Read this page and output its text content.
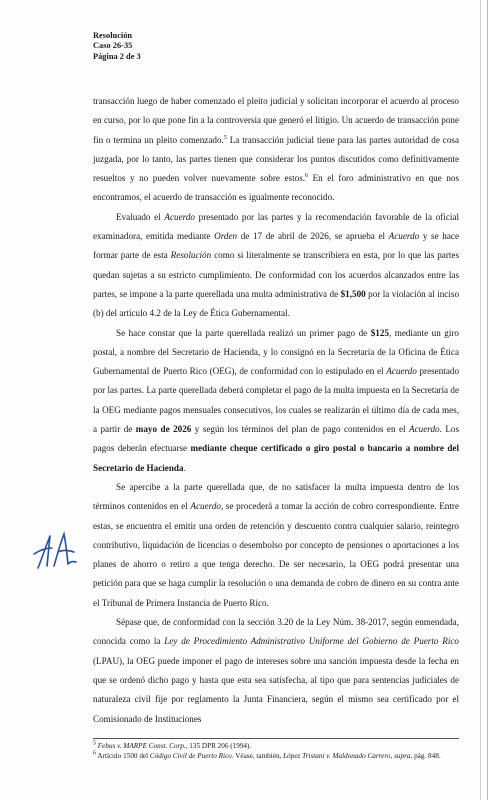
Resolución
Caso 26-35
Página 2 de 3

transacción luego de haber comenzado el pleito judicial y solicitan incorporar el acuerdo al proceso en curso, por lo que pone fin a la controversia que generó el litigio. Un acuerdo de transacción pone fin o termina un pleito comenzado.$^5$ La transacción judicial tiene para las partes autoridad de cosa juzgada, por lo tanto, las partes tienen que considerar los puntos discutidos como definitivamente resueltos y no pueden volver nuevamente sobre estos.$^6$ En el foro administrativo en que nos encontramos, el acuerdo de transacción es igualmente reconocido.

Evaluado el Acuerdo presentado por las partes y la recomendación favorable de la oficial examinadora, emitida mediante Orden de 17 de abril de 2026, se aprueba el Acuerdo y se hace formar parte de esta Resolución como si literalmente se transcribiera en esta, por lo que las partes quedan sujetas a su estricto cumplimiento. De conformidad con los acuerdos alcanzados entre las partes, se impone a la parte querellada una multa administrativa de $1,500 por la violación al inciso (b) del artículo 4.2 de la Ley de Ética Gubernamental.

Se hace constar que la parte querellada realizó un primer pago de $125, mediante un giro postal, a nombre del Secretario de Hacienda, y lo consignó en la Secretaría de la Oficina de Ética Gubernamental de Puerto Rico (OEG), de conformidad con lo estipulado en el Acuerdo presentado por las partes. La parte querellada deberá completar el pago de la multa impuesta en la Secretaría de la OEG mediante pagos mensuales consecutivos, los cuales se realizarán el último día de cada mes, a partir de mayo de 2026 y según los términos del plan de pago contenidos en el Acuerdo. Los pagos deberán efectuarse mediante cheque certificado o giro postal o bancario a nombre del Secretario de Hacienda.

Se apercibe a la parte querellada que, de no satisfacer la multa impuesta dentro de los términos contenidos en el Acuerdo, se procederá a tomar la acción de cobro correspondiente. Entre estas, se encuentra el emitir una orden de retención y descuento contra cualquier salario, reintegro contributivo, liquidación de licencias o desembolso por concepto de pensiones o aportaciones a los planes de ahorro o retiro a que tenga derecho. De ser necesario, la OEG podrá presentar una petición para que se haga cumplir la resolución o una demanda de cobro de dinero en su contra ante el Tribunal de Primera Instancia de Puerto Rico.

Sépase que, de conformidad con la sección 3.20 de la Ley Núm. 38-2017, según enmendada, conocida como la Ley de Procedimiento Administrativo Uniforme del Gobierno de Puerto Rico (LPAU), la OEG puede imponer el pago de intereses sobre una sanción impuesta desde la fecha en que se ordenó dicho pago y hasta que esta sea satisfecha, al tipo que para sentencias judiciales de naturaleza civil fije por reglamento la Junta Financiera, según el mismo sea certificado por el Comisionado de Instituciones

$^5$ Febus v. MARPE Const. Corp., 135 DPR 206 (1994).

$^6$ Artículo 1500 del Código Civil de Puerto Rico. Véase, también, López Tristani v. Maldonado Carrero, supra, pág. 848.
